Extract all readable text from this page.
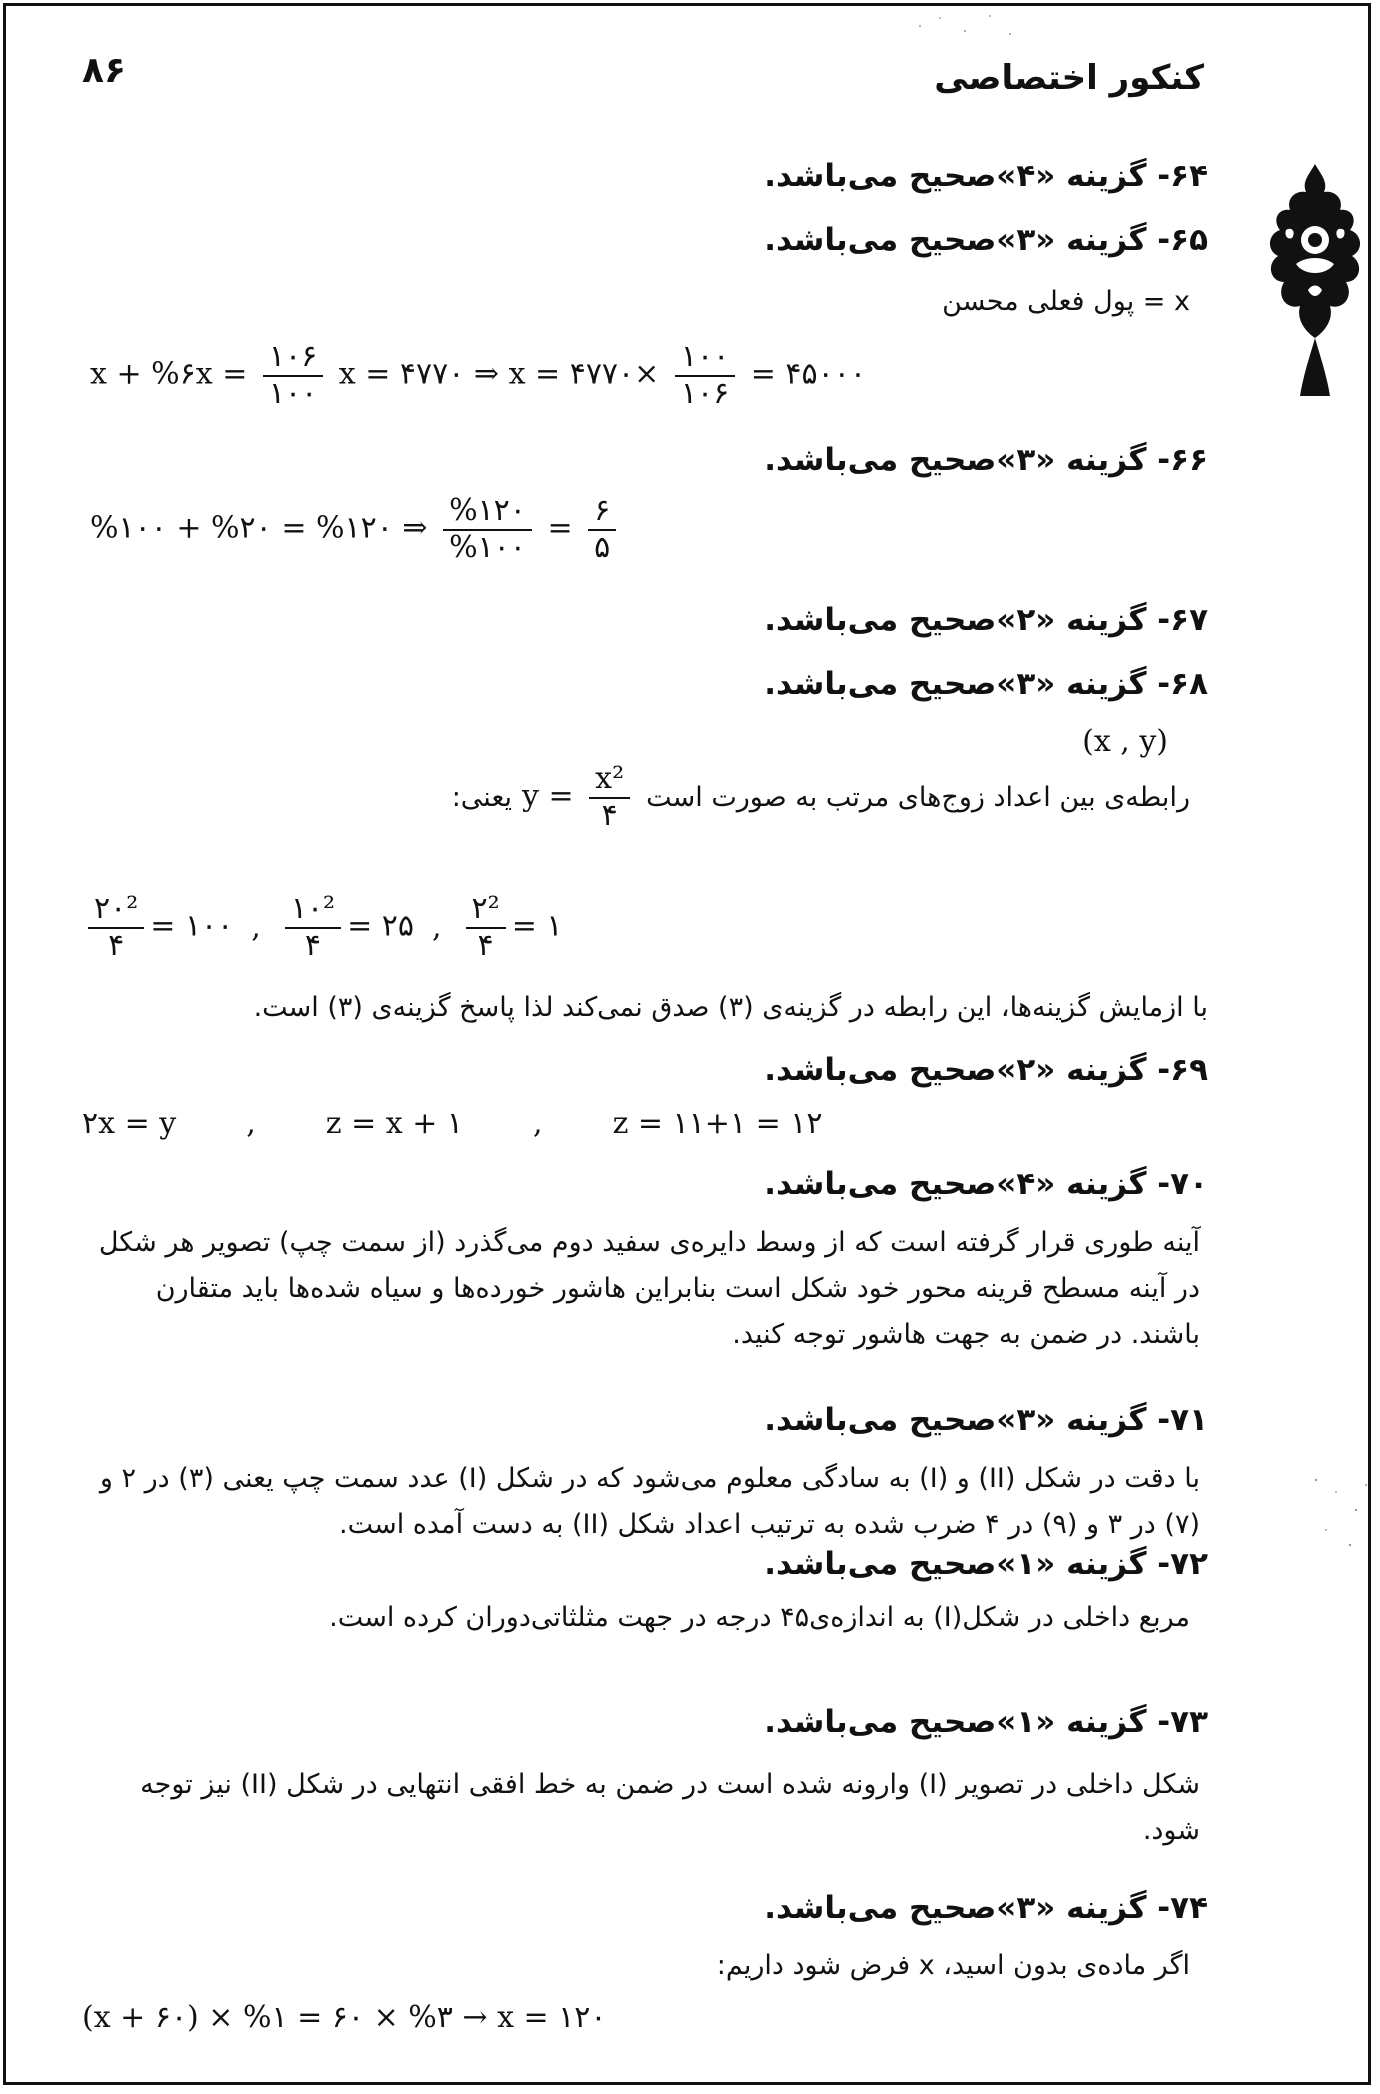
۸۶	کنکور اختصاصی
۶۴- گزینه «۴»صحیح می‌باشد.
۶۵- گزینه «۳»صحیح می‌باشد.
x = پول فعلی محسن
x + %۶x = $\frac{۱۰۶}{۱۰۰}$ x = ۴۷۷۰ ⇒ x = ۴۷۷۰× $\frac{۱۰۰}{۱۰۶}$ = ۴۵۰۰۰
۶۶- گزینه «۳»صحیح می‌باشد.
%۱۰۰ + %۲۰ = %۱۲۰ ⇒ $\frac{\%۱۲۰}{\%۱۰۰} = \frac{۶}{۵}$
۶۷- گزینه «۲»صحیح می‌باشد.
۶۸- گزینه «۳»صحیح می‌باشد.
(x , y)
رابطه‌ی بین اعداد زوج‌های مرتب به صورت است
$y = \frac{\text{x²}}{۴}$
یعنی:
$\frac{\text{۲۰²}}{۴}$ = ۱۰۰ , $\frac{\text{۱۰²}}{۴}$ = ۲۵ , $\frac{\text{۲²}}{۴}$ = ۱
با ازمایش گزینه‌ها، این رابطه در گزینه‌ی (۳) صدق نمی‌کند لذا پاسخ گزینه‌ی (۳) است.
۶۹- گزینه «۲»صحیح می‌باشد.
۲x = y , z = x + ۱ , z = ۱۱+۱ = ۱۲
۷۰- گزینه «۴»صحیح می‌باشد.
آینه طوری قرار گرفته است که از وسط دایره‌ی سفید دوم می‌گذرد (از سمت چپ) تصویر هر شکل در آینه مسطح قرینه محور خود شکل است بنابراین هاشور خورده‌ها و سیاه شده‌ها باید متقارن باشند. در ضمن به جهت هاشور توجه کنید.
۷۱- گزینه «۳»صحیح می‌باشد.
با دقت در شکل (II) و (I) به سادگی معلوم می‌شود که در شکل (I) عدد سمت چپ یعنی (۳) در ۲ و (۷) در ۳ و (۹) در ۴ ضرب شده به ترتیب اعداد شکل (II) به دست آمده است.
۷۲- گزینه «۱»صحیح می‌باشد.
مربع داخلی در شکل(I) به اندازه‌ی۴۵ درجه در جهت مثلثاتی‌دوران کرده است.
۷۳- گزینه «۱»صحیح می‌باشد.
شکل داخلی در تصویر (I) وارونه شده است در ضمن به خط افقی انتهایی در شکل (II) نیز توجه شود.
۷۴- گزینه «۳»صحیح می‌باشد.
اگر ماده‌ی بدون اسید، x فرض شود داریم:
(x + ۶۰) × %۱ = ۶۰ × %۳ → x = ۱۲۰
